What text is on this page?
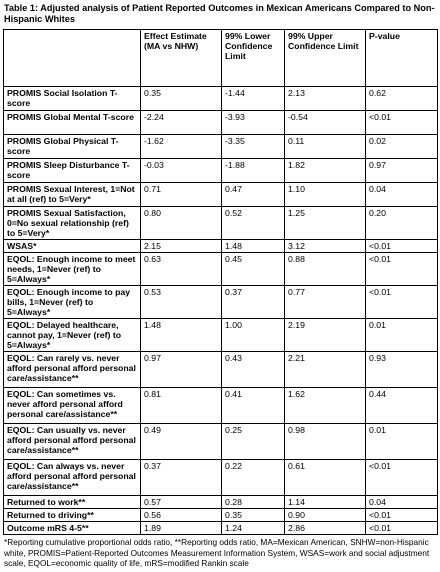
Table 1: Adjusted analysis of Patient Reported Outcomes in Mexican Americans Compared to Non-Hispanic Whites
	Effect Estimate (MA vs NHW)	99% Lower Confidence Limit	99% Upper Confidence Limit	P-value
PROMIS Social Isolation T-score	0.35	-1.44	2.13	0.62
PROMIS Global Mental T-score	-2.24	-3.93	-0.54	<0.01
PROMIS Global Physical T-score	-1.62	-3.35	0.11	0.02
PROMIS Sleep Disturbance T-score	-0.03	-1.88	1.82	0.97
PROMIS Sexual Interest, 1=Not at all (ref) to 5=Very*	0.71	0.47	1.10	0.04
PROMIS Sexual Satisfaction, 0=No sexual relationship (ref) to 5=Very*	0.80	0.52	1.25	0.20
WSAS*	2.15	1.48	3.12	<0.01
EQOL: Enough income to meet needs, 1=Never (ref) to 5=Always*	0.63	0.45	0.88	<0.01
EQOL: Enough income to pay bills, 1=Never (ref) to 5=Always*	0.53	0.37	0.77	<0.01
EQOL: Delayed healthcare, cannot pay, 1=Never (ref) to 5=Always*	1.48	1.00	2.19	0.01
EQOL: Can rarely vs. never afford personal afford personal care/assistance**	0.97	0.43	2.21	0.93
EQOL: Can sometimes vs. never afford personal afford personal care/assistance**	0.81	0.41	1.62	0.44
EQOL: Can usually vs. never afford personal afford personal care/assistance**	0.49	0.25	0.98	0.01
EQOL: Can always vs. never afford personal afford personal care/assistance**	0.37	0.22	0.61	<0.01
Returned to work**	0.57	0.28	1.14	0.04
Returned to driving**	0.56	0.35	0.90	<0.01
Outcome mRS 4-5**	1.89	1.24	2.86	<0.01
*Reporting cumulative proportional odds ratio, **Reporting odds ratio, MA=Mexican American, SNHW=non-Hispanic white, PROMIS=Patient-Reported Outcomes Measurement Information System, WSAS=work and social adjustment scale, EQOL=economic quality of life, mRS=modified Rankin scale
